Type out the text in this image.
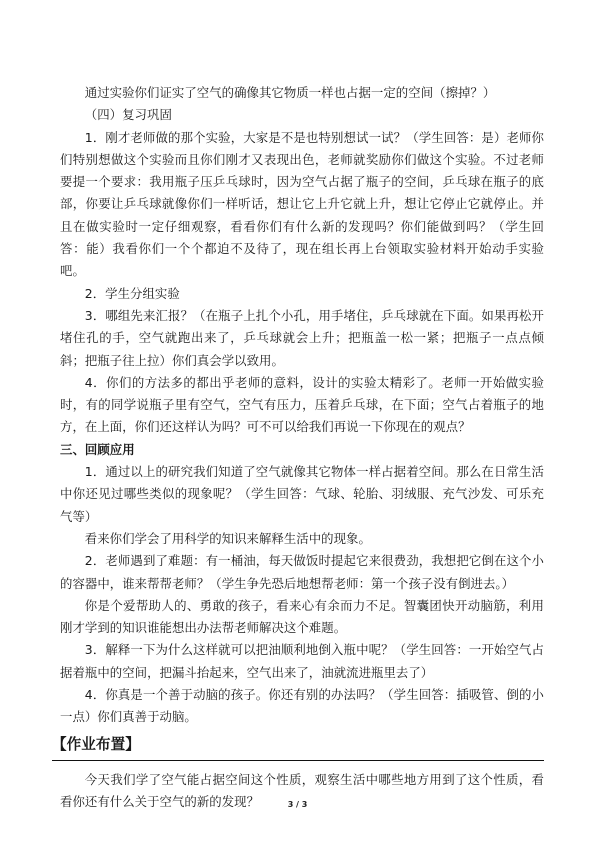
通过实验你们证实了空气的确像其它物质一样也占据一定的空间（擦掉？）

（四）复习巩固

1．刚才老师做的那个实验，大家是不是也特别想试一试？（学生回答：是）老师你们特别想做这个实验而且你们刚才又表现出色，老师就奖励你们做这个实验。不过老师要提一个要求：我用瓶子压乒乓球时，因为空气占据了瓶子的空间，乒乓球在瓶子的底部，你要让乒乓球就像你们一样听话，想让它上升它就上升，想让它停止它就停止。并且在做实验时一定仔细观察，看看你们有什么新的发现吗？你们能做到吗？（学生回答：能）我看你们一个个都迫不及待了，现在组长再上台领取实验材料开始动手实验吧。

2．学生分组实验

3．哪组先来汇报？（在瓶子上扎个小孔，用手堵住，乒乓球就在下面。如果再松开堵住孔的手，空气就跑出来了，乒乓球就会上升；把瓶盖一松一紧；把瓶子一点点倾斜；把瓶子往上拉）你们真会学以致用。

4．你们的方法多的都出乎老师的意料，设计的实验太精彩了。老师一开始做实验时，有的同学说瓶子里有空气，空气有压力，压着乒乓球，在下面；空气占着瓶子的地方，在上面，你们还这样认为吗？可不可以给我们再说一下你现在的观点？

三、回顾应用

1．通过以上的研究我们知道了空气就像其它物体一样占据着空间。那么在日常生活中你还见过哪些类似的现象呢？（学生回答：气球、轮胎、羽绒服、充气沙发、可乐充气等）

看来你们学会了用科学的知识来解释生活中的现象。

2．老师遇到了难题：有一桶油，每天做饭时提起它来很费劲，我想把它倒在这个小的容器中，谁来帮帮老师？（学生争先恐后地想帮老师：第一个孩子没有倒进去。）

你是个爱帮助人的、勇敢的孩子，看来心有余而力不足。智囊团快开动脑筋，利用刚才学到的知识谁能想出办法帮老师解决这个难题。

3．解释一下为什么这样就可以把油顺利地倒入瓶中呢？（学生回答：一开始空气占据着瓶中的空间，把漏斗抬起来，空气出来了，油就流进瓶里去了）

4．你真是一个善于动脑的孩子。你还有别的办法吗？（学生回答：插吸管、倒的小一点）你们真善于动脑。

【作业布置】

今天我们学了空气能占据空间这个性质，观察生活中哪些地方用到了这个性质，看看你还有什么关于空气的新的发现？	3 / 3
